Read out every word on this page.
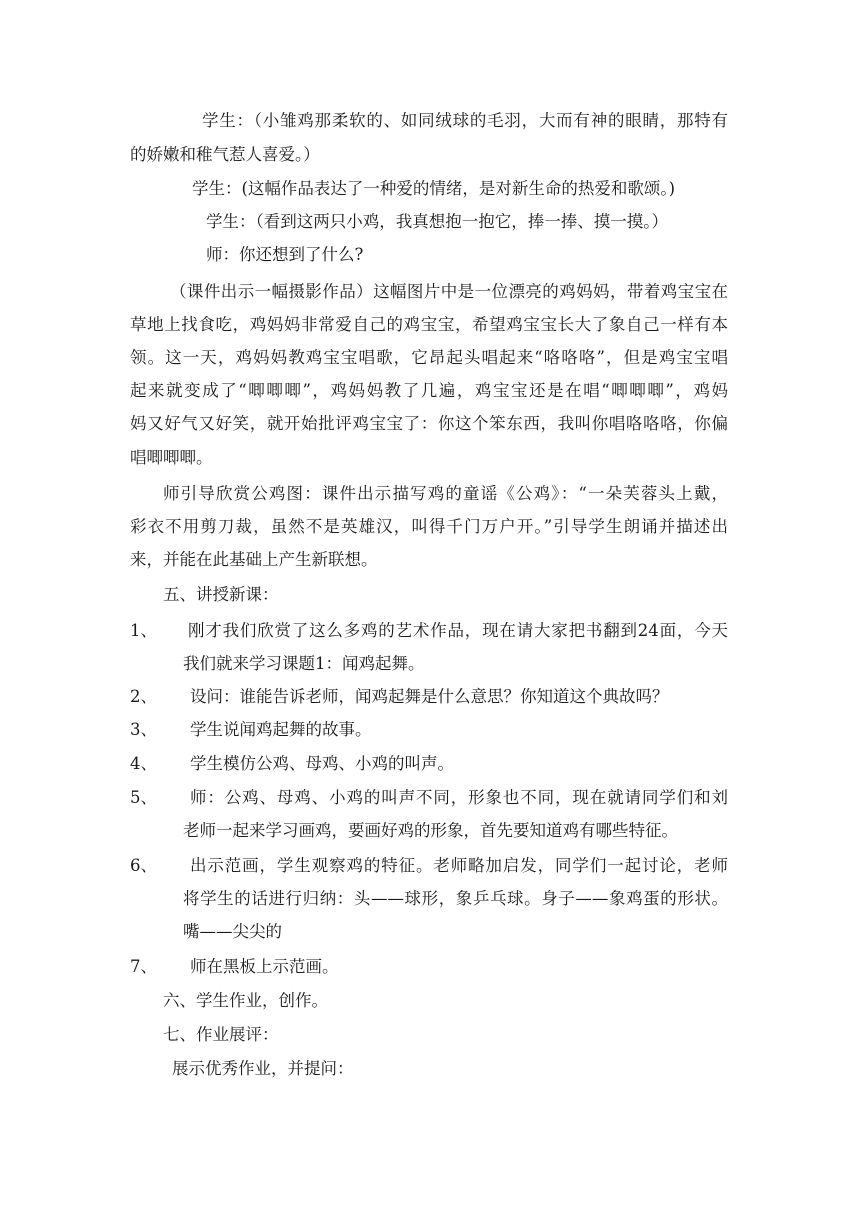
学生：（小雏鸡那柔软的、如同绒球的毛羽，大而有神的眼睛，那特有
的娇嫩和稚气惹人喜爱。）
学生：(这幅作品表达了一种爱的情绪，是对新生命的热爱和歌颂。)
学生：（看到这两只小鸡，我真想抱一抱它，捧一捧、摸一摸。）
师：你还想到了什么?
（课件出示一幅摄影作品）这幅图片中是一位漂亮的鸡妈妈，带着鸡宝宝在
草地上找食吃，鸡妈妈非常爱自己的鸡宝宝，希望鸡宝宝长大了象自己一样有本
领。这一天，鸡妈妈教鸡宝宝唱歌，它昂起头唱起来“咯咯咯”，但是鸡宝宝唱
起来就变成了“唧唧唧”，鸡妈妈教了几遍，鸡宝宝还是在唱“唧唧唧”，鸡妈
妈又好气又好笑，就开始批评鸡宝宝了：你这个笨东西，我叫你唱咯咯咯，你偏
唱唧唧唧。
师引导欣赏公鸡图：课件出示描写鸡的童谣《公鸡》：“一朵芙蓉头上戴，
彩衣不用剪刀裁，虽然不是英雄汉，叫得千门万户开。”引导学生朗诵并描述出
来，并能在此基础上产生新联想。
五、讲授新课：
1、 刚才我们欣赏了这么多鸡的艺术作品，现在请大家把书翻到24面，今天
我们就来学习课题1：闻鸡起舞。
2、 设问：谁能告诉老师，闻鸡起舞是什么意思？你知道这个典故吗？
3、 学生说闻鸡起舞的故事。
4、 学生模仿公鸡、母鸡、小鸡的叫声。
5、 师：公鸡、母鸡、小鸡的叫声不同，形象也不同，现在就请同学们和刘
老师一起来学习画鸡，要画好鸡的形象，首先要知道鸡有哪些特征。
6、 出示范画，学生观察鸡的特征。老师略加启发，同学们一起讨论，老师
将学生的话进行归纳：头——球形，象乒乓球。身子——象鸡蛋的形状。
嘴——尖尖的
7、 师在黑板上示范画。
六、学生作业，创作。
七、作业展评：
展示优秀作业，并提问：
